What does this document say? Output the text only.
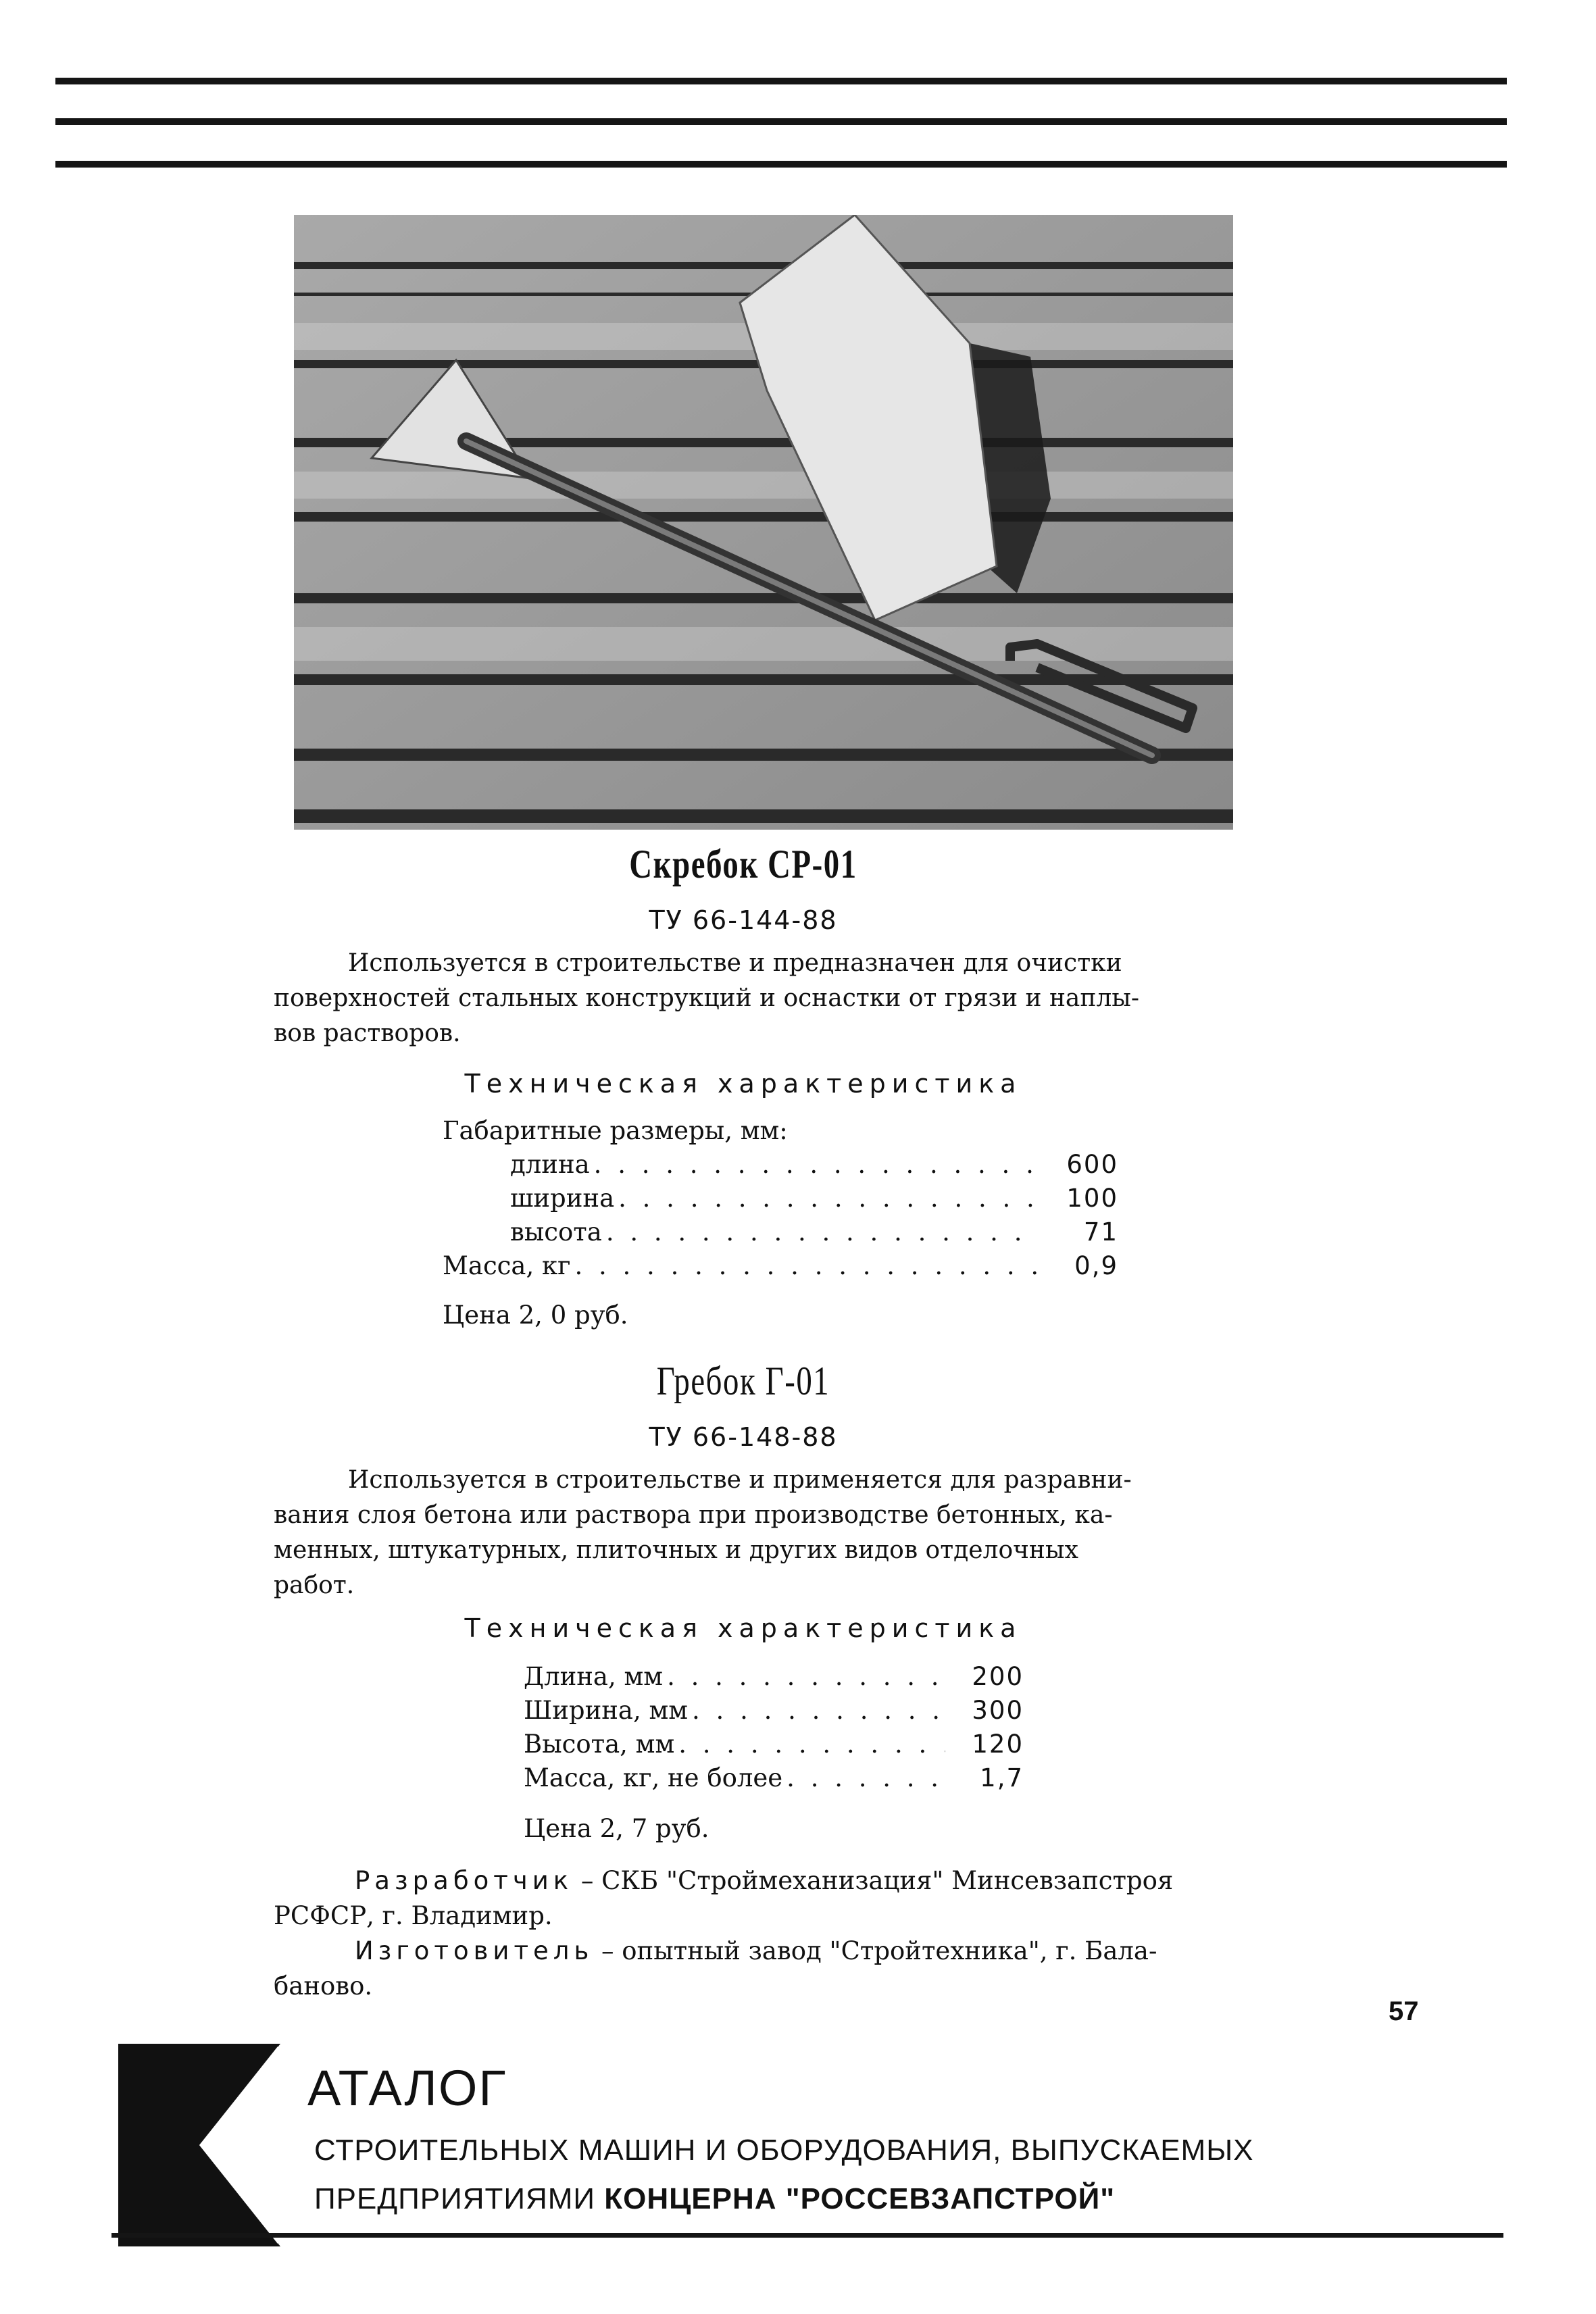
Скребок СР-01
ТУ 66-144-88
Используется в строительстве и предназначен для очистки
поверхностей стальных конструкций и оснастки от грязи и наплы-
вов растворов.
Техническая характеристика
Габаритные размеры, мм:
длина . . .	600
ширина . . .	100
высота . . .	71
Масса, кг . . .	0,9
Цена 2, 0 руб.
Гребок Г-01
ТУ 66-148-88
Используется в строительстве и применяется для разравни-
вания слоя бетона или раствора при производстве бетонных, ка-
менных, штукатурных, плиточных и других видов отделочных
работ.
Техническая характеристика
Длина, мм . . .	200
Ширина, мм . . .	300
Высота, мм . . .	120
Масса, кг, не более . . .	1,7
Цена 2, 7 руб.
Разработчик – СКБ "Строймеханизация" Минсевзапстроя
РСФСР, г. Владимир.
Изготовитель – опытный завод "Стройтехника", г. Бала-
баново.
57
АТАЛОГ
СТРОИТЕЛЬНЫХ МАШИН И ОБОРУДОВАНИЯ, ВЫПУСКАЕМЫХ
ПРЕДПРИЯТИЯМИ КОНЦЕРНА "РОССЕВЗАПСТРОЙ"
